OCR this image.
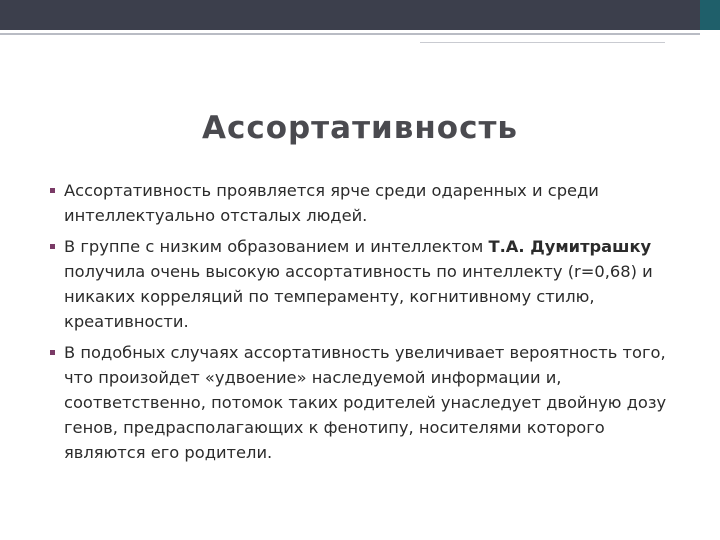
Ассортативность
Ассортативность проявляется ярче среди одаренных и среди интеллектуально отсталых людей.
В группе с низким образованием и интеллектом Т.А. Думитрашку получила очень высокую ассортативность по интеллекту (r=0,68) и никаких корреляций по темпераменту, когнитивному стилю, креативности.
В подобных случаях ассортативность увеличивает вероятность того, что произойдет «удвоение» наследуемой информации и, соответственно, потомок таких родителей унаследует двойную дозу генов, предрасполагающих к фенотипу, носителями которого являются его родители.
